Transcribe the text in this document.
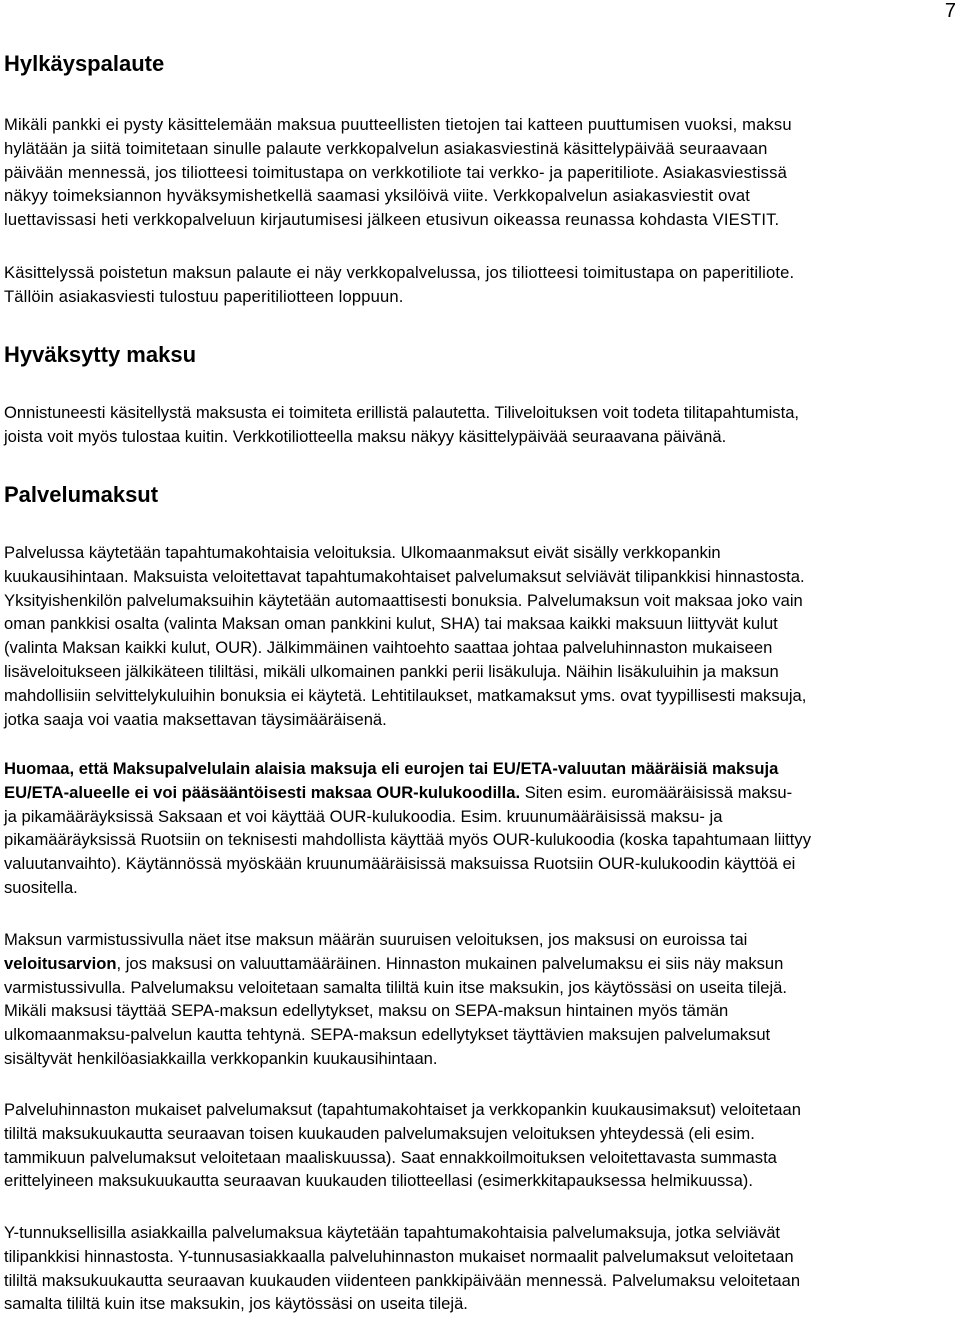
7
Hylkäyspalaute
Mikäli pankki ei pysty käsittelemään maksua puutteellisten tietojen tai katteen puuttumisen vuoksi, maksu
hylätään ja siitä toimitetaan sinulle palaute verkkopalvelun asiakasviestinä käsittelypäivää seuraavaan
päivään mennessä, jos tiliotteesi toimitustapa on verkkotiliote tai verkko- ja paperitiliote. Asiakasviestissä
näkyy toimeksiannon hyväksymishetkellä saamasi yksilöivä viite. Verkkopalvelun asiakasviestit ovat
luettavissasi heti verkkopalveluun kirjautumisesi jälkeen etusivun oikeassa reunassa kohdasta VIESTIT.
Käsittelyssä poistetun maksun palaute ei näy verkkopalvelussa, jos tiliotteesi toimitustapa on paperitiliote.
Tällöin asiakasviesti tulostuu paperitiliotteen loppuun.
Hyväksytty maksu
Onnistuneesti käsitellystä maksusta ei toimiteta erillistä palautetta. Tiliveloituksen voit todeta tilitapahtumista,
joista voit myös tulostaa kuitin. Verkkotiliotteella maksu näkyy käsittelypäivää seuraavana päivänä.
Palvelumaksut
Palvelussa käytetään tapahtumakohtaisia veloituksia. Ulkomaanmaksut eivät sisälly verkkopankin
kuukausihintaan. Maksuista veloitettavat tapahtumakohtaiset palvelumaksut selviävät tilipankkisi hinnastosta.
Yksityishenkilön palvelumaksuihin käytetään automaattisesti bonuksia. Palvelumaksun voit maksaa joko vain
oman pankkisi osalta (valinta Maksan oman pankkini kulut, SHA) tai maksaa kaikki maksuun liittyvät kulut
(valinta Maksan kaikki kulut, OUR). Jälkimmäinen vaihtoehto saattaa johtaa palveluhinnaston mukaiseen
lisäveloitukseen jälkikäteen tililtäsi, mikäli ulkomainen pankki perii lisäkuluja. Näihin lisäkuluihin ja maksun
mahdollisiin selvittelykuluihin bonuksia ei käytetä. Lehtitilaukset, matkamaksut yms. ovat tyypillisesti maksuja,
jotka saaja voi vaatia maksettavan täysimääräisenä.
Huomaa, että Maksupalvelulain alaisia maksuja eli eurojen tai EU/ETA-valuutan määräisiä maksuja
EU/ETA-alueelle ei voi pääsääntöisesti maksaa OUR-kulukoodilla. Siten esim. euromääräisissä maksu-
ja pikamääräyksissä Saksaan et voi käyttää OUR-kulukoodia. Esim. kruunumääräisissä maksu- ja
pikamääräyksissä Ruotsiin on teknisesti mahdollista käyttää myös OUR-kulukoodia (koska tapahtumaan liittyy
valuutanvaihto). Käytännössä myöskään kruunumääräisissä maksuissa Ruotsiin OUR-kulukoodin käyttöä ei
suositella.
Maksun varmistussivulla näet itse maksun määrän suuruisen veloituksen, jos maksusi on euroissa tai
veloitusarvion, jos maksusi on valuuttamääräinen. Hinnaston mukainen palvelumaksu ei siis näy maksun
varmistussivulla. Palvelumaksu veloitetaan samalta tililtä kuin itse maksukin, jos käytössäsi on useita tilejä.
Mikäli maksusi täyttää SEPA-maksun edellytykset, maksu on SEPA-maksun hintainen myös tämän
ulkomaanmaksu-palvelun kautta tehtynä. SEPA-maksun edellytykset täyttävien maksujen palvelumaksut
sisältyvät henkilöasiakkailla verkkopankin kuukausihintaan.
Palveluhinnaston mukaiset palvelumaksut (tapahtumakohtaiset ja verkkopankin kuukausimaksut) veloitetaan
tililtä maksukuukautta seuraavan toisen kuukauden palvelumaksujen veloituksen yhteydessä (eli esim.
tammikuun palvelumaksut veloitetaan maaliskuussa). Saat ennakkoilmoituksen veloitettavasta summasta
erittelyineen maksukuukautta seuraavan kuukauden tiliotteellasi (esimerkkitapauksessa helmikuussa).
Y-tunnuksellisilla asiakkailla palvelumaksua käytetään tapahtumakohtaisia palvelumaksuja, jotka selviävät
tilipankkisi hinnastosta. Y-tunnusasiakkaalla palveluhinnaston mukaiset normaalit palvelumaksut veloitetaan
tililtä maksukuukautta seuraavan kuukauden viidenteen pankkipäivään mennessä. Palvelumaksu veloitetaan
samalta tililtä kuin itse maksukin, jos käytössäsi on useita tilejä.
